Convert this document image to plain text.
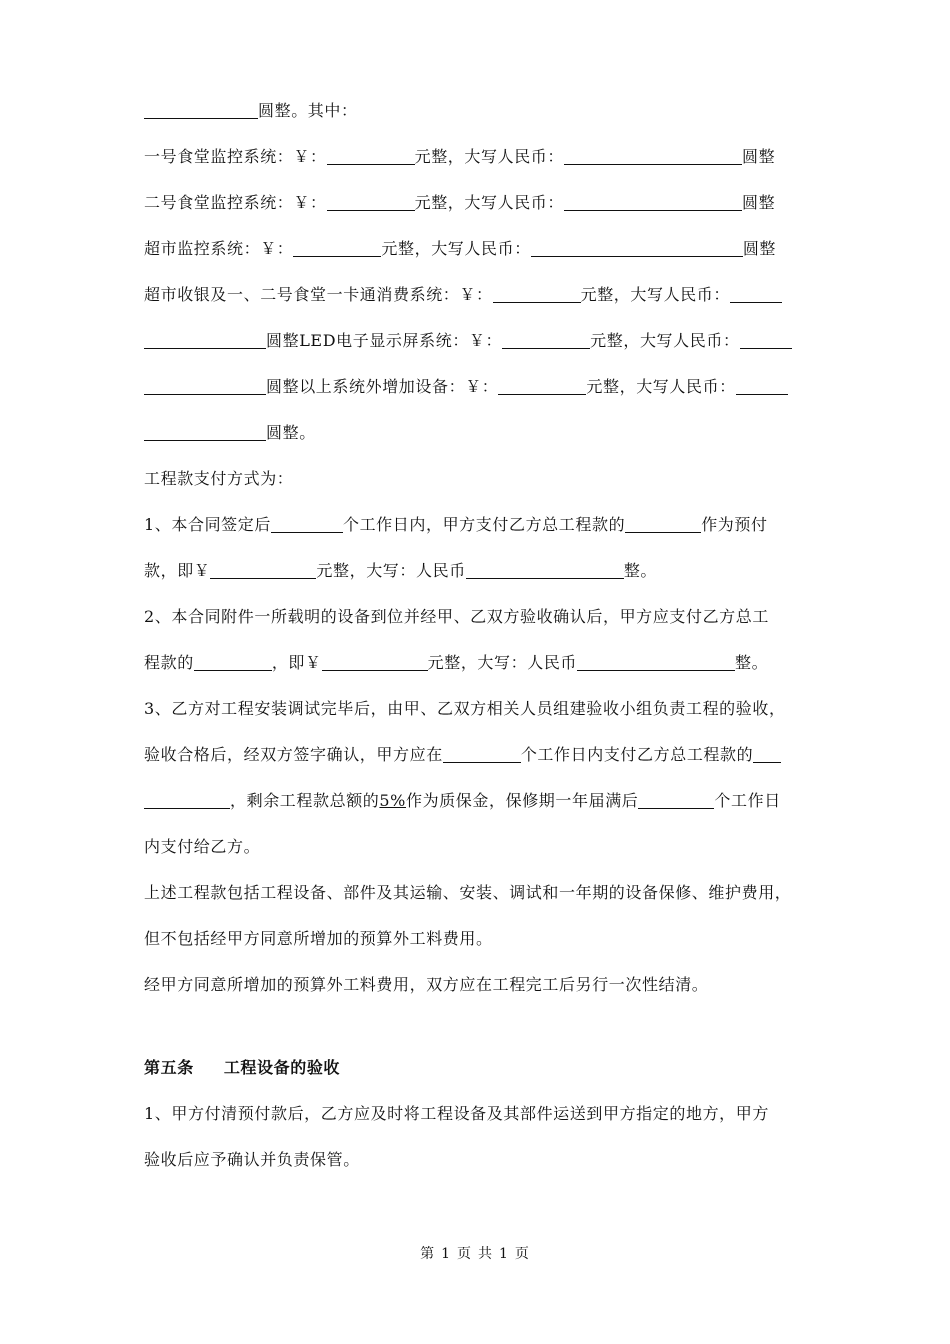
圆整。其中：
一号食堂监控系统：￥：	元整，大写人民币：	圆整
二号食堂监控系统：￥：	元整，大写人民币：	圆整
超市监控系统：￥：	元整，大写人民币：	圆整
超市收银及一、二号食堂一卡通消费系统：￥：	元整，大写人民币：
圆整LED电子显示屏系统：￥：	元整，大写人民币：
圆整以上系统外增加设备：￥：	元整，大写人民币：
圆整。
工程款支付方式为：
1、本合同签定后	个工作日内，甲方支付乙方总工程款的	作为预付
款，即￥	元整，大写：人民币	整。
2、本合同附件一所载明的设备到位并经甲、乙双方验收确认后，甲方应支付乙方总工
程款的	，即￥	元整，大写：人民币	整。
3、乙方对工程安装调试完毕后，由甲、乙双方相关人员组建验收小组负责工程的验收，
验收合格后，经双方签字确认，甲方应在	个工作日内支付乙方总工程款的
，剩余工程款总额的5%作为质保金，保修期一年届满后	个工作日
内支付给乙方。
上述工程款包括工程设备、部件及其运输、安装、调试和一年期的设备保修、维护费用，
但不包括经甲方同意所增加的预算外工料费用。
经甲方同意所增加的预算外工料费用，双方应在工程完工后另行一次性结清。
第五条 工程设备的验收
1、甲方付清预付款后，乙方应及时将工程设备及其部件运送到甲方指定的地方，甲方
验收后应予确认并负责保管。
第 1 页 共 1 页
